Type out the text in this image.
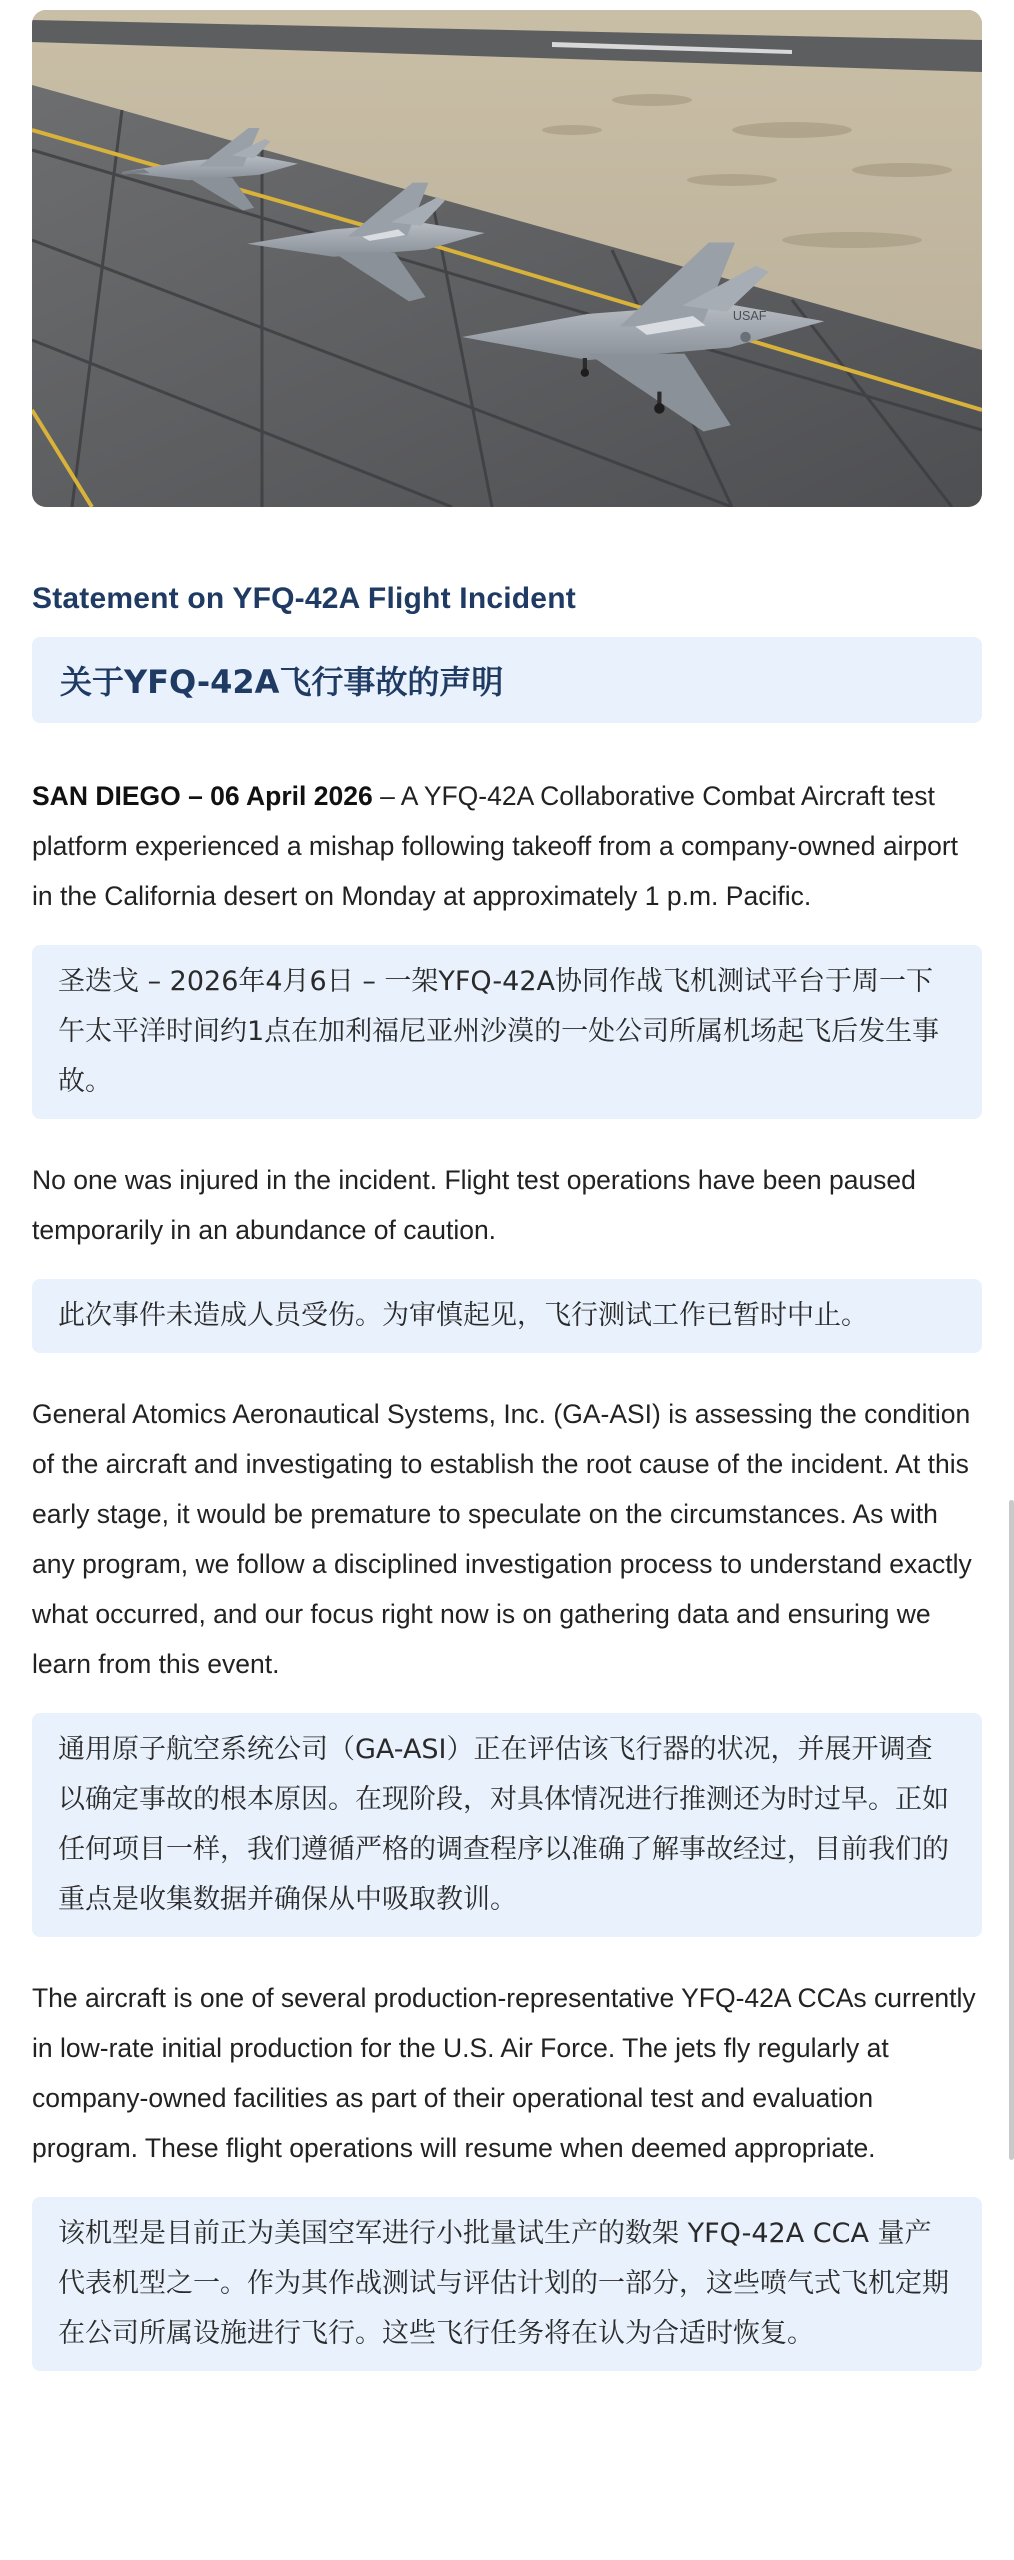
USAF
Statement on YFQ-42A Flight Incident
关于YFQ-42A飞行事故的声明

SAN DIEGO – 06 April 2026 – A YFQ-42A Collaborative Combat Aircraft test platform experienced a mishap following takeoff from a company-owned airport in the California desert on Monday at approximately 1 p.m. Pacific.

圣迭戈 – 2026年4月6日 – 一架YFQ-42A协同作战飞机测试平台于周一下午太平洋时间约1点在加利福尼亚州沙漠的一处公司所属机场起飞后发生事故。

No one was injured in the incident. Flight test operations have been paused temporarily in an abundance of caution.

此次事件未造成人员受伤。为审慎起见，飞行测试工作已暂时中止。

General Atomics Aeronautical Systems, Inc. (GA-ASI) is assessing the condition of the aircraft and investigating to establish the root cause of the incident. At this early stage, it would be premature to speculate on the circumstances. As with any program, we follow a disciplined investigation process to understand exactly what occurred, and our focus right now is on gathering data and ensuring we learn from this event.

通用原子航空系统公司（GA-ASI）正在评估该飞行器的状况，并展开调查以确定事故的根本原因。在现阶段，对具体情况进行推测还为时过早。正如任何项目一样，我们遵循严格的调查程序以准确了解事故经过，目前我们的重点是收集数据并确保从中吸取教训。

The aircraft is one of several production-representative YFQ-42A CCAs currently in low-rate initial production for the U.S. Air Force. The jets fly regularly at company-owned facilities as part of their operational test and evaluation program. These flight operations will resume when deemed appropriate.

该机型是目前正为美国空军进行小批量试生产的数架 YFQ-42A CCA 量产代表机型之一。作为其作战测试与评估计划的一部分，这些喷气式飞机定期在公司所属设施进行飞行。这些飞行任务将在认为合适时恢复。
